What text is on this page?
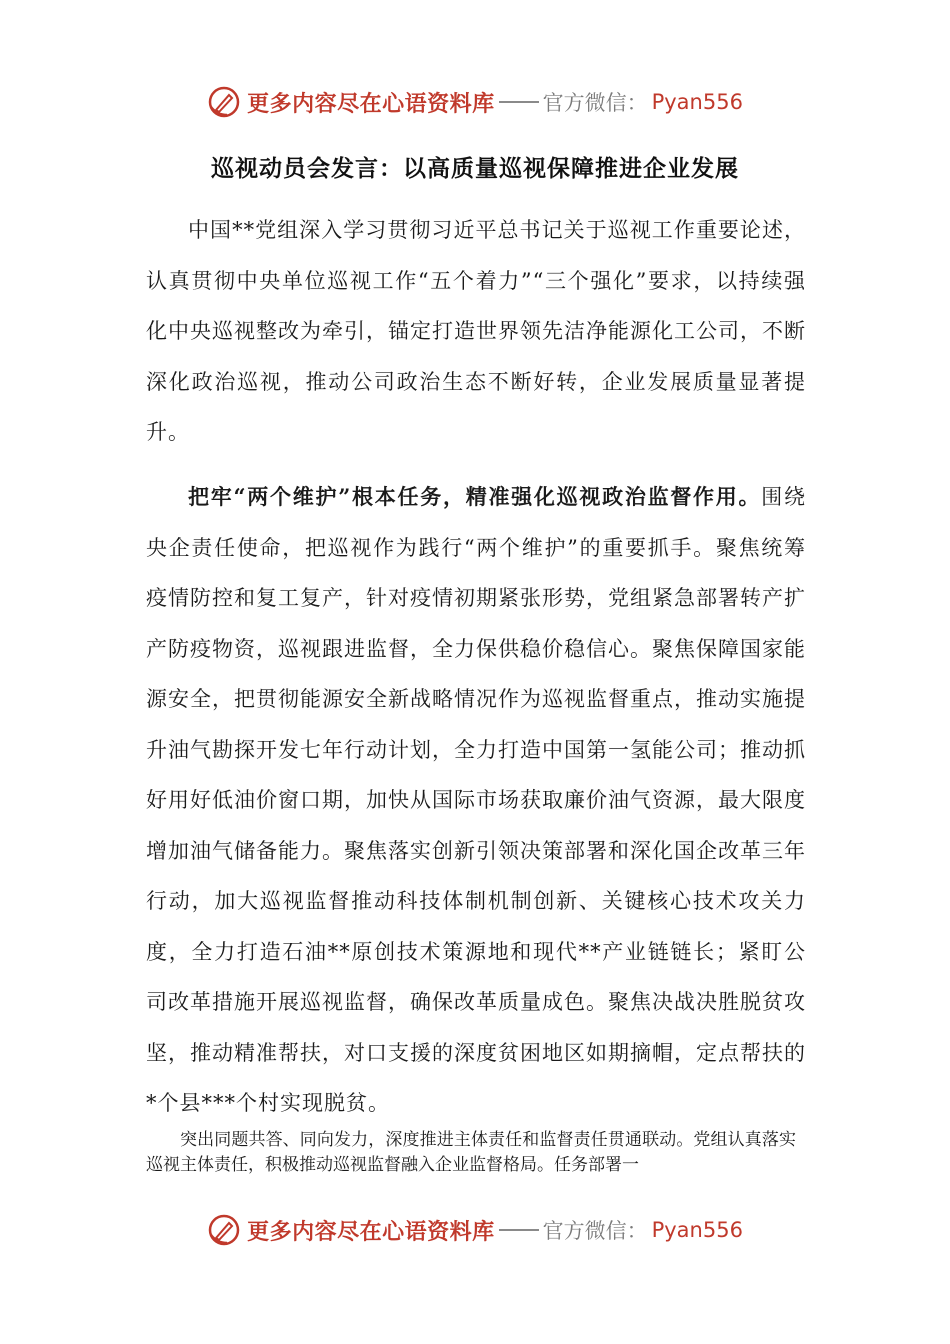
更多内容尽在心语资料库 官方微信： Pyan556
巡视动员会发言：以高质量巡视保障推进企业发展

中国**党组深入学习贯彻习近平总书记关于巡视工作重要论述，认真贯彻中央单位巡视工作“五个着力”“三个强化”要求，以持续强化中央巡视整改为牵引，锚定打造世界领先洁净能源化工公司，不断深化政治巡视，推动公司政治生态不断好转，企业发展质量显著提升。

把牢“两个维护”根本任务，精准强化巡视政治监督作用。围绕央企责任使命，把巡视作为践行“两个维护”的重要抓手。聚焦统筹疫情防控和复工复产，针对疫情初期紧张形势，党组紧急部署转产扩产防疫物资，巡视跟进监督，全力保供稳价稳信心。聚焦保障国家能源安全，把贯彻能源安全新战略情况作为巡视监督重点，推动实施提升油气勘探开发七年行动计划，全力打造中国第一氢能公司；推动抓好用好低油价窗口期，加快从国际市场获取廉价油气资源，最大限度增加油气储备能力。聚焦落实创新引领决策部署和深化国企改革三年行动，加大巡视监督推动科技体制机制创新、关键核心技术攻关力度，全力打造石油**原创技术策源地和现代**产业链链长；紧盯公司改革措施开展巡视监督，确保改革质量成色。聚焦决战决胜脱贫攻坚，推动精准帮扶，对口支援的深度贫困地区如期摘帽，定点帮扶的*个县***个村实现脱贫。

突出同题共答、同向发力，深度推进主体责任和监督责任贯通联动。党组认真落实巡视主体责任，积极推动巡视监督融入企业监督格局。任务部署一

更多内容尽在心语资料库 官方微信： Pyan556
